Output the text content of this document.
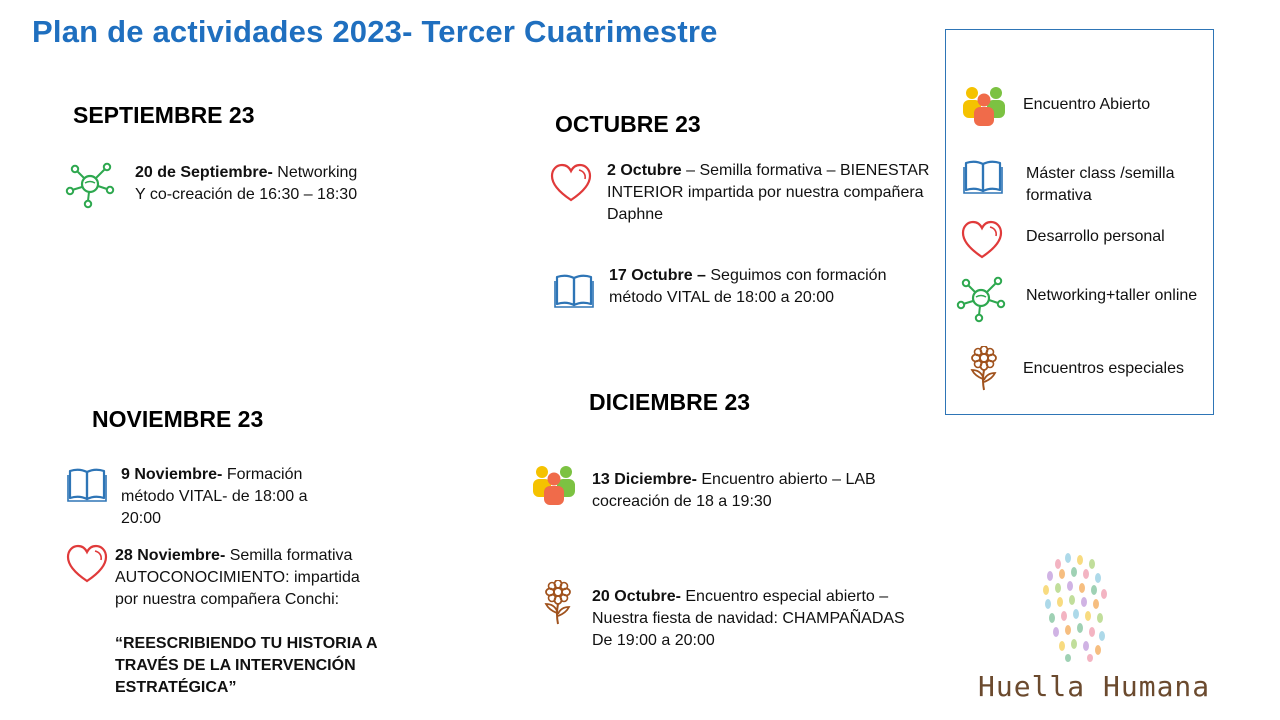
Plan de actividades 2023- Tercer Cuatrimestre
SEPTIEMBRE 23
20 de Septiembre- Networking
Y co-creación de 16:30 – 18:30
OCTUBRE 23
2 Octubre – Semilla formativa – BIENESTAR
INTERIOR impartida por nuestra compañera
Daphne
17 Octubre – Seguimos con formación
método VITAL de 18:00 a 20:00
NOVIEMBRE 23
9 Noviembre- Formación
método VITAL- de 18:00 a
20:00
28 Noviembre- Semilla formativa
AUTOCONOCIMIENTO: impartida
por nuestra compañera Conchi:

“REESCRIBIENDO TU HISTORIA A
TRAVÉS DE LA INTERVENCIÓN
ESTRATÉGICA”
DICIEMBRE 23
13 Diciembre- Encuentro abierto – LAB
cocreación de 18 a 19:30
20 Octubre- Encuentro especial abierto –
Nuestra fiesta de navidad: CHAMPAÑADAS
De 19:00 a 20:00
Encuentro Abierto
Máster class /semilla
formativa
Desarrollo personal
Networking+taller online
Encuentros especiales
Huella Humana
